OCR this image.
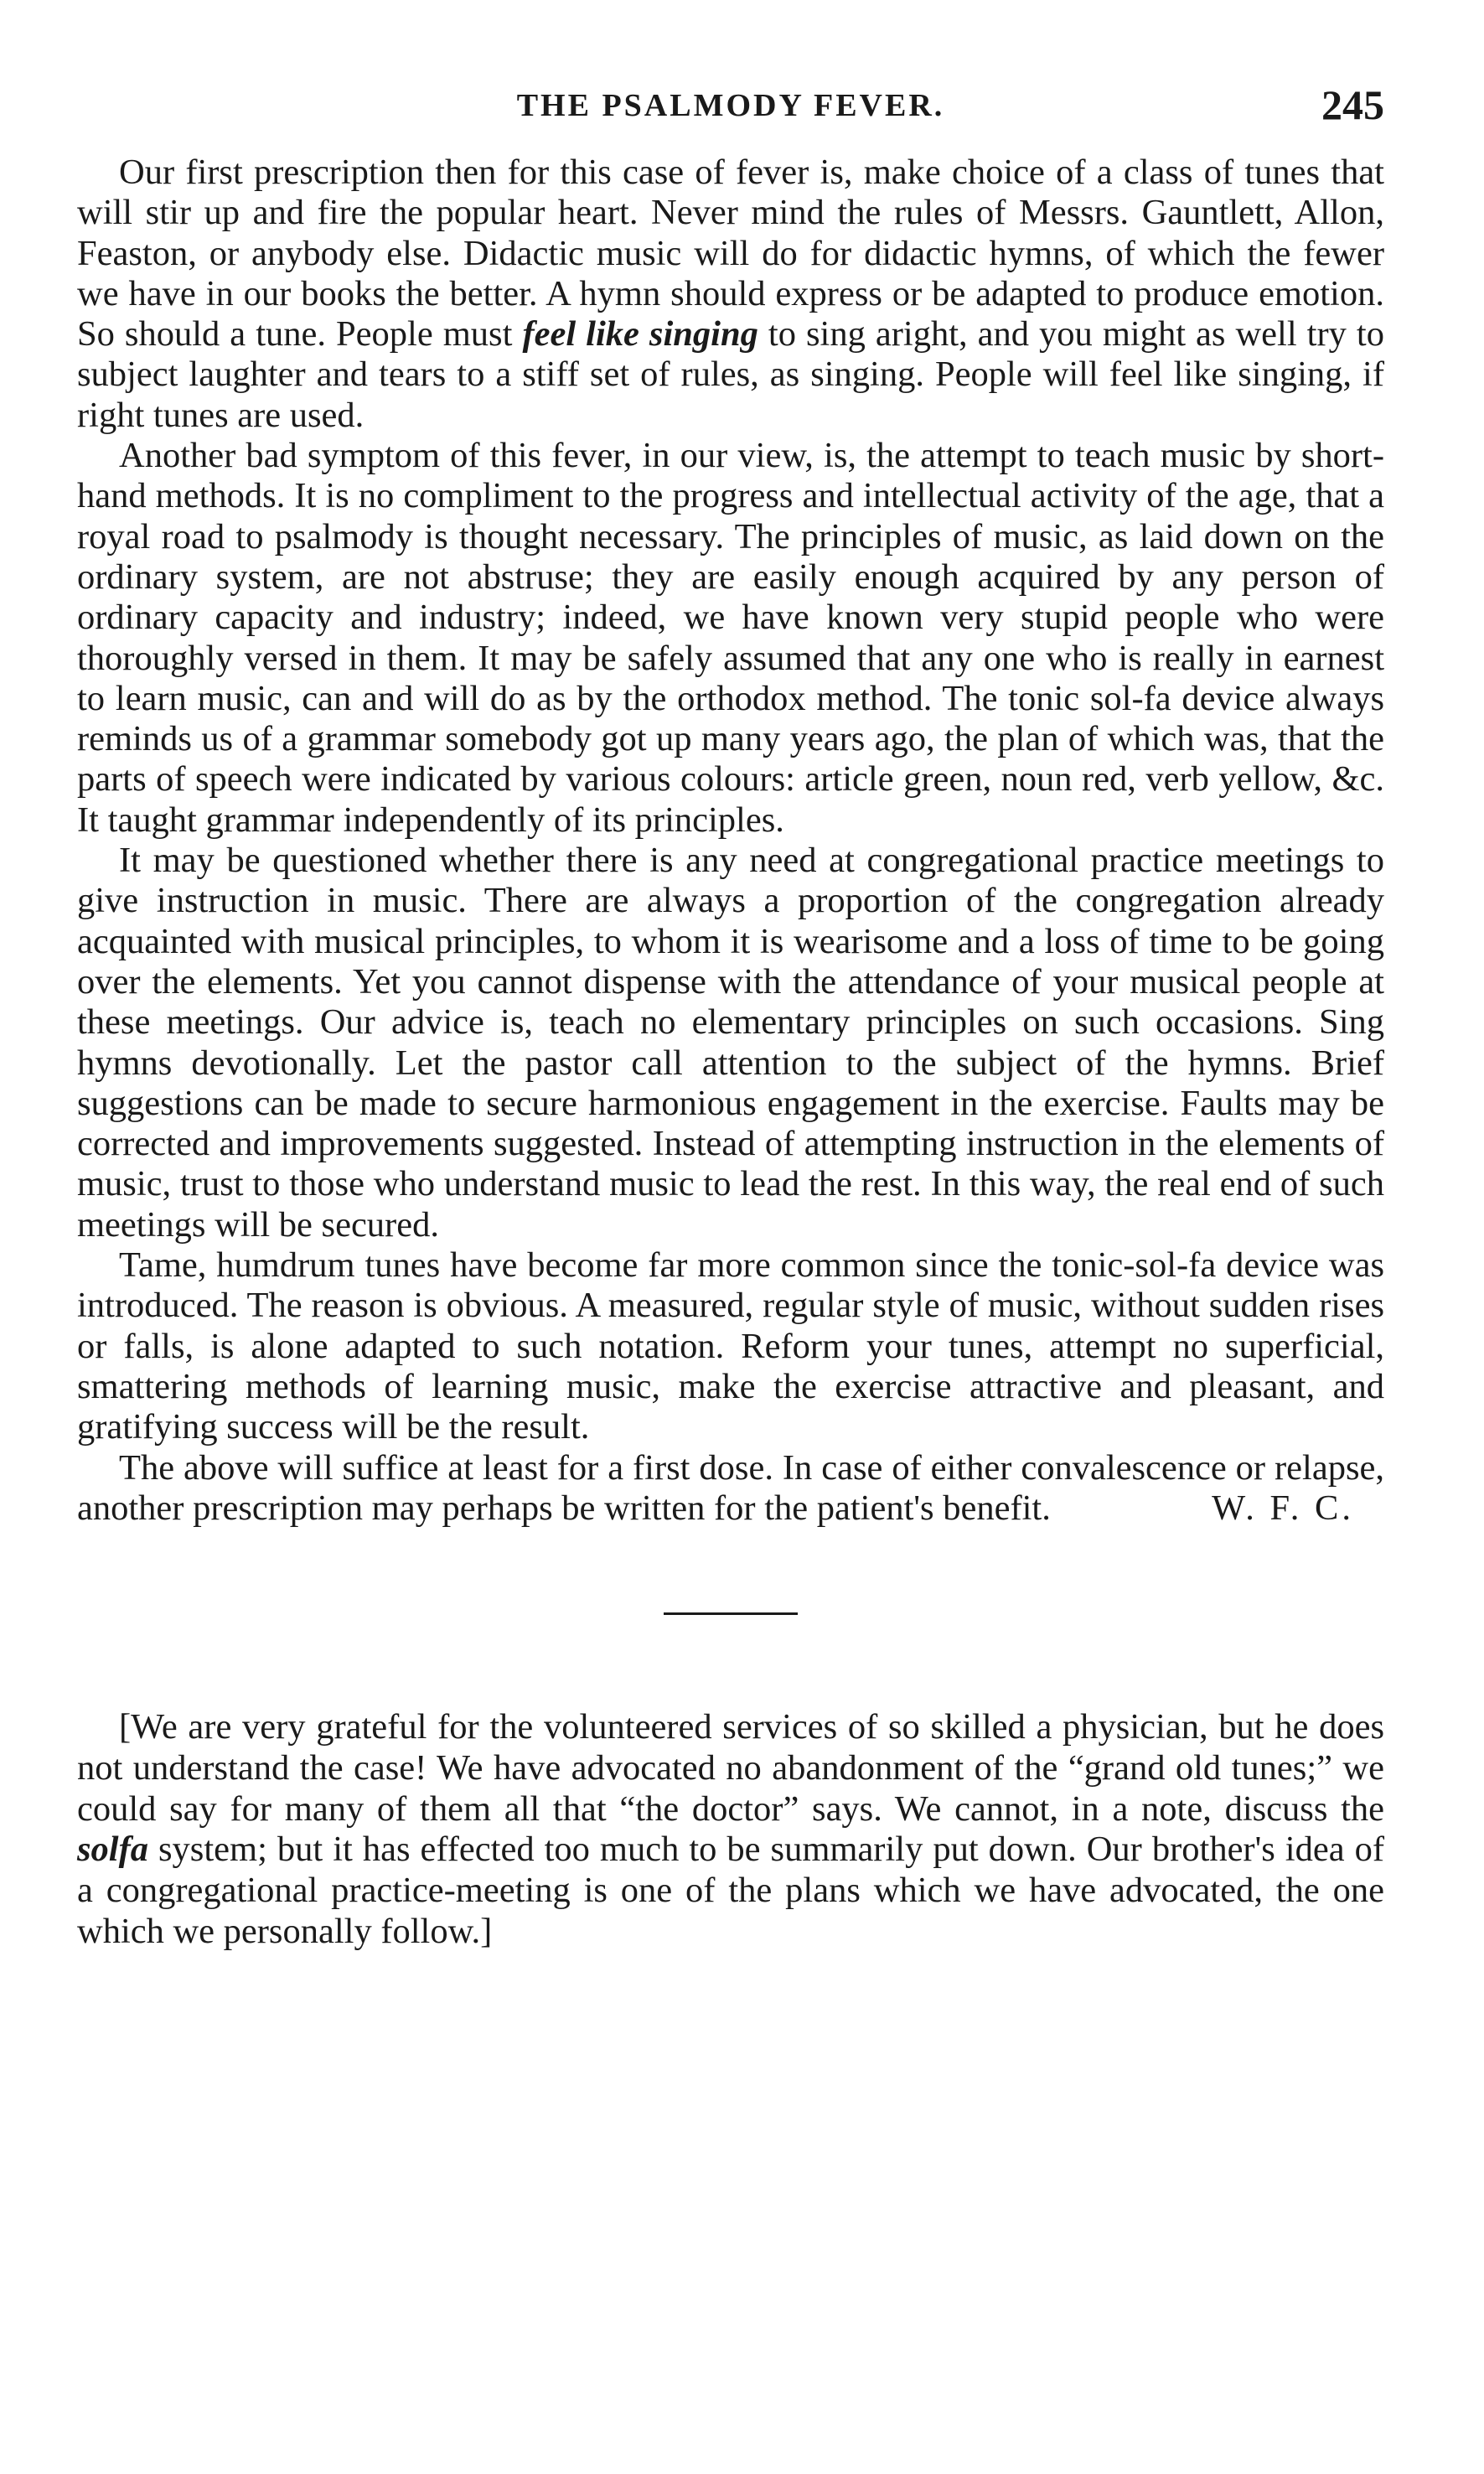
THE PSALMODY FEVER.	245

Our first prescription then for this case of fever is, make choice of a class of tunes that will stir up and fire the popular heart. Never mind the rules of Messrs. Gauntlett, Allon, Feaston, or anybody else. Didactic music will do for didactic hymns, of which the fewer we have in our books the better. A hymn should express or be adapted to produce emotion. So should a tune. People must feel like singing to sing aright, and you might as well try to subject laughter and tears to a stiff set of rules, as singing. People will feel like singing, if right tunes are used.

Another bad symptom of this fever, in our view, is, the attempt to teach music by short-hand methods. It is no compliment to the progress and intellectual activity of the age, that a royal road to psalmody is thought necessary. The principles of music, as laid down on the ordinary system, are not abstruse; they are easily enough acquired by any person of ordinary capacity and industry; indeed, we have known very stupid people who were thoroughly versed in them. It may be safely assumed that any one who is really in earnest to learn music, can and will do as by the orthodox method. The tonic sol-fa device always reminds us of a grammar somebody got up many years ago, the plan of which was, that the parts of speech were indicated by various colours: article green, noun red, verb yellow, &c. It taught grammar independently of its principles.

It may be questioned whether there is any need at congregational practice meetings to give instruction in music. There are always a proportion of the congregation already acquainted with musical principles, to whom it is wearisome and a loss of time to be going over the elements. Yet you cannot dispense with the attendance of your musical people at these meetings. Our advice is, teach no elementary principles on such occasions. Sing hymns devotionally. Let the pastor call attention to the subject of the hymns. Brief suggestions can be made to secure harmonious engagement in the exercise. Faults may be corrected and improvements suggested. Instead of attempting instruction in the elements of music, trust to those who understand music to lead the rest. In this way, the real end of such meetings will be secured.

Tame, humdrum tunes have become far more common since the tonic-sol-fa device was introduced. The reason is obvious. A measured, regular style of music, without sudden rises or falls, is alone adapted to such notation. Reform your tunes, attempt no superficial, smattering methods of learning music, make the exercise attractive and pleasant, and gratifying success will be the result.

The above will suffice at least for a first dose. In case of either convalescence or relapse, another prescription may perhaps be written for the patient's benefit.	W. F. C.

[We are very grateful for the volunteered services of so skilled a physician, but he does not understand the case! We have advocated no abandonment of the “grand old tunes;” we could say for many of them all that “the doctor” says. We cannot, in a note, discuss the solfa system; but it has effected too much to be summarily put down. Our brother's idea of a congregational practice-meeting is one of the plans which we have advocated, the one which we personally follow.]
